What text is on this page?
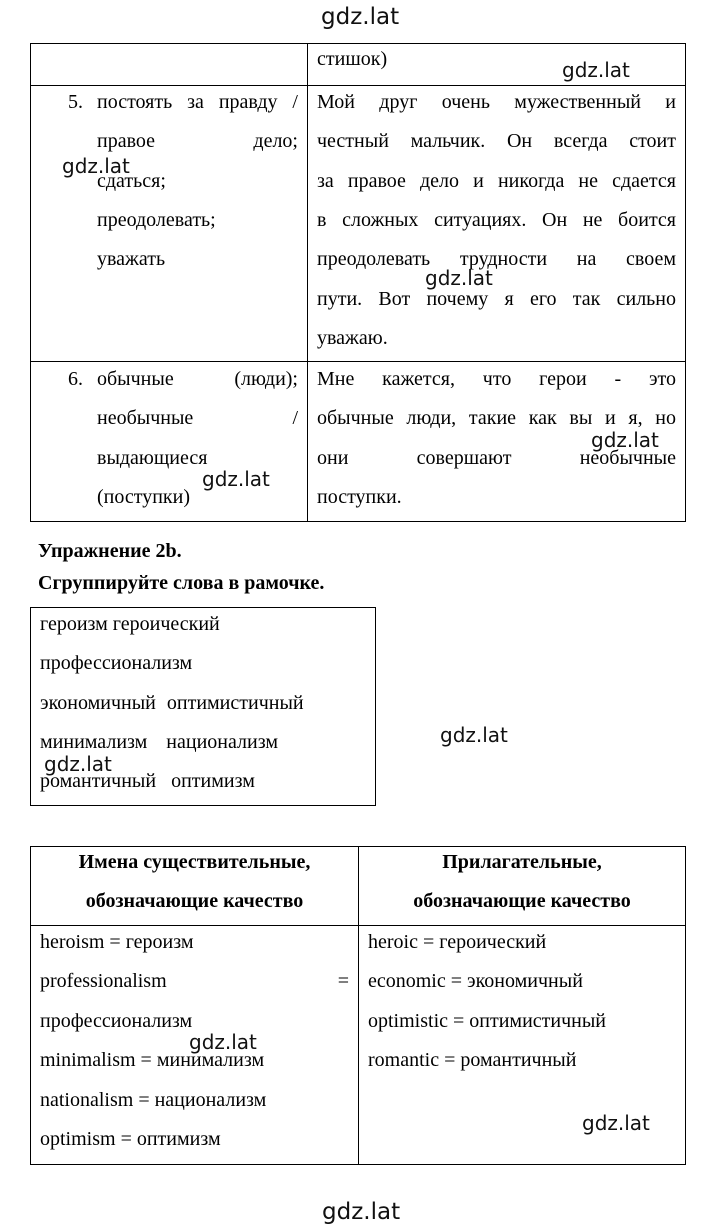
gdz.lat
стишок)
5. постоять за правду /
правое дело;
сдаться;
преодолевать;
уважать
Мой друг очень мужественный и
честный мальчик. Он всегда стоит
за правое дело и никогда не сдается
в сложных ситуациях. Он не боится
преодолевать трудности на своем
пути. Вот почему я его так сильно
уважаю.
6. обычные (люди);
необычные /
выдающиеся
(поступки)
Мне кажется, что герои - это
обычные люди, такие как вы и я, но
они совершают необычные
поступки.
gdz.lat
gdz.lat
gdz.lat
gdz.lat
gdz.lat
Упражнение 2b.
Сгруппируйте слова в рамочке.
героизм героический
профессионализм
экономичный оптимистичный
минимализм национализм
романтичный оптимизм
gdz.lat
gdz.lat
Имена существительные,
обозначающие качество
Прилагательные,
обозначающие качество
heroism = героизм
professionalism =
профессионализм
minimalism = минимализм
nationalism = национализм
optimism = оптимизм
heroic = героический
economic = экономичный
optimistic = оптимистичный
romantic = романтичный
gdz.lat
gdz.lat
gdz.lat
